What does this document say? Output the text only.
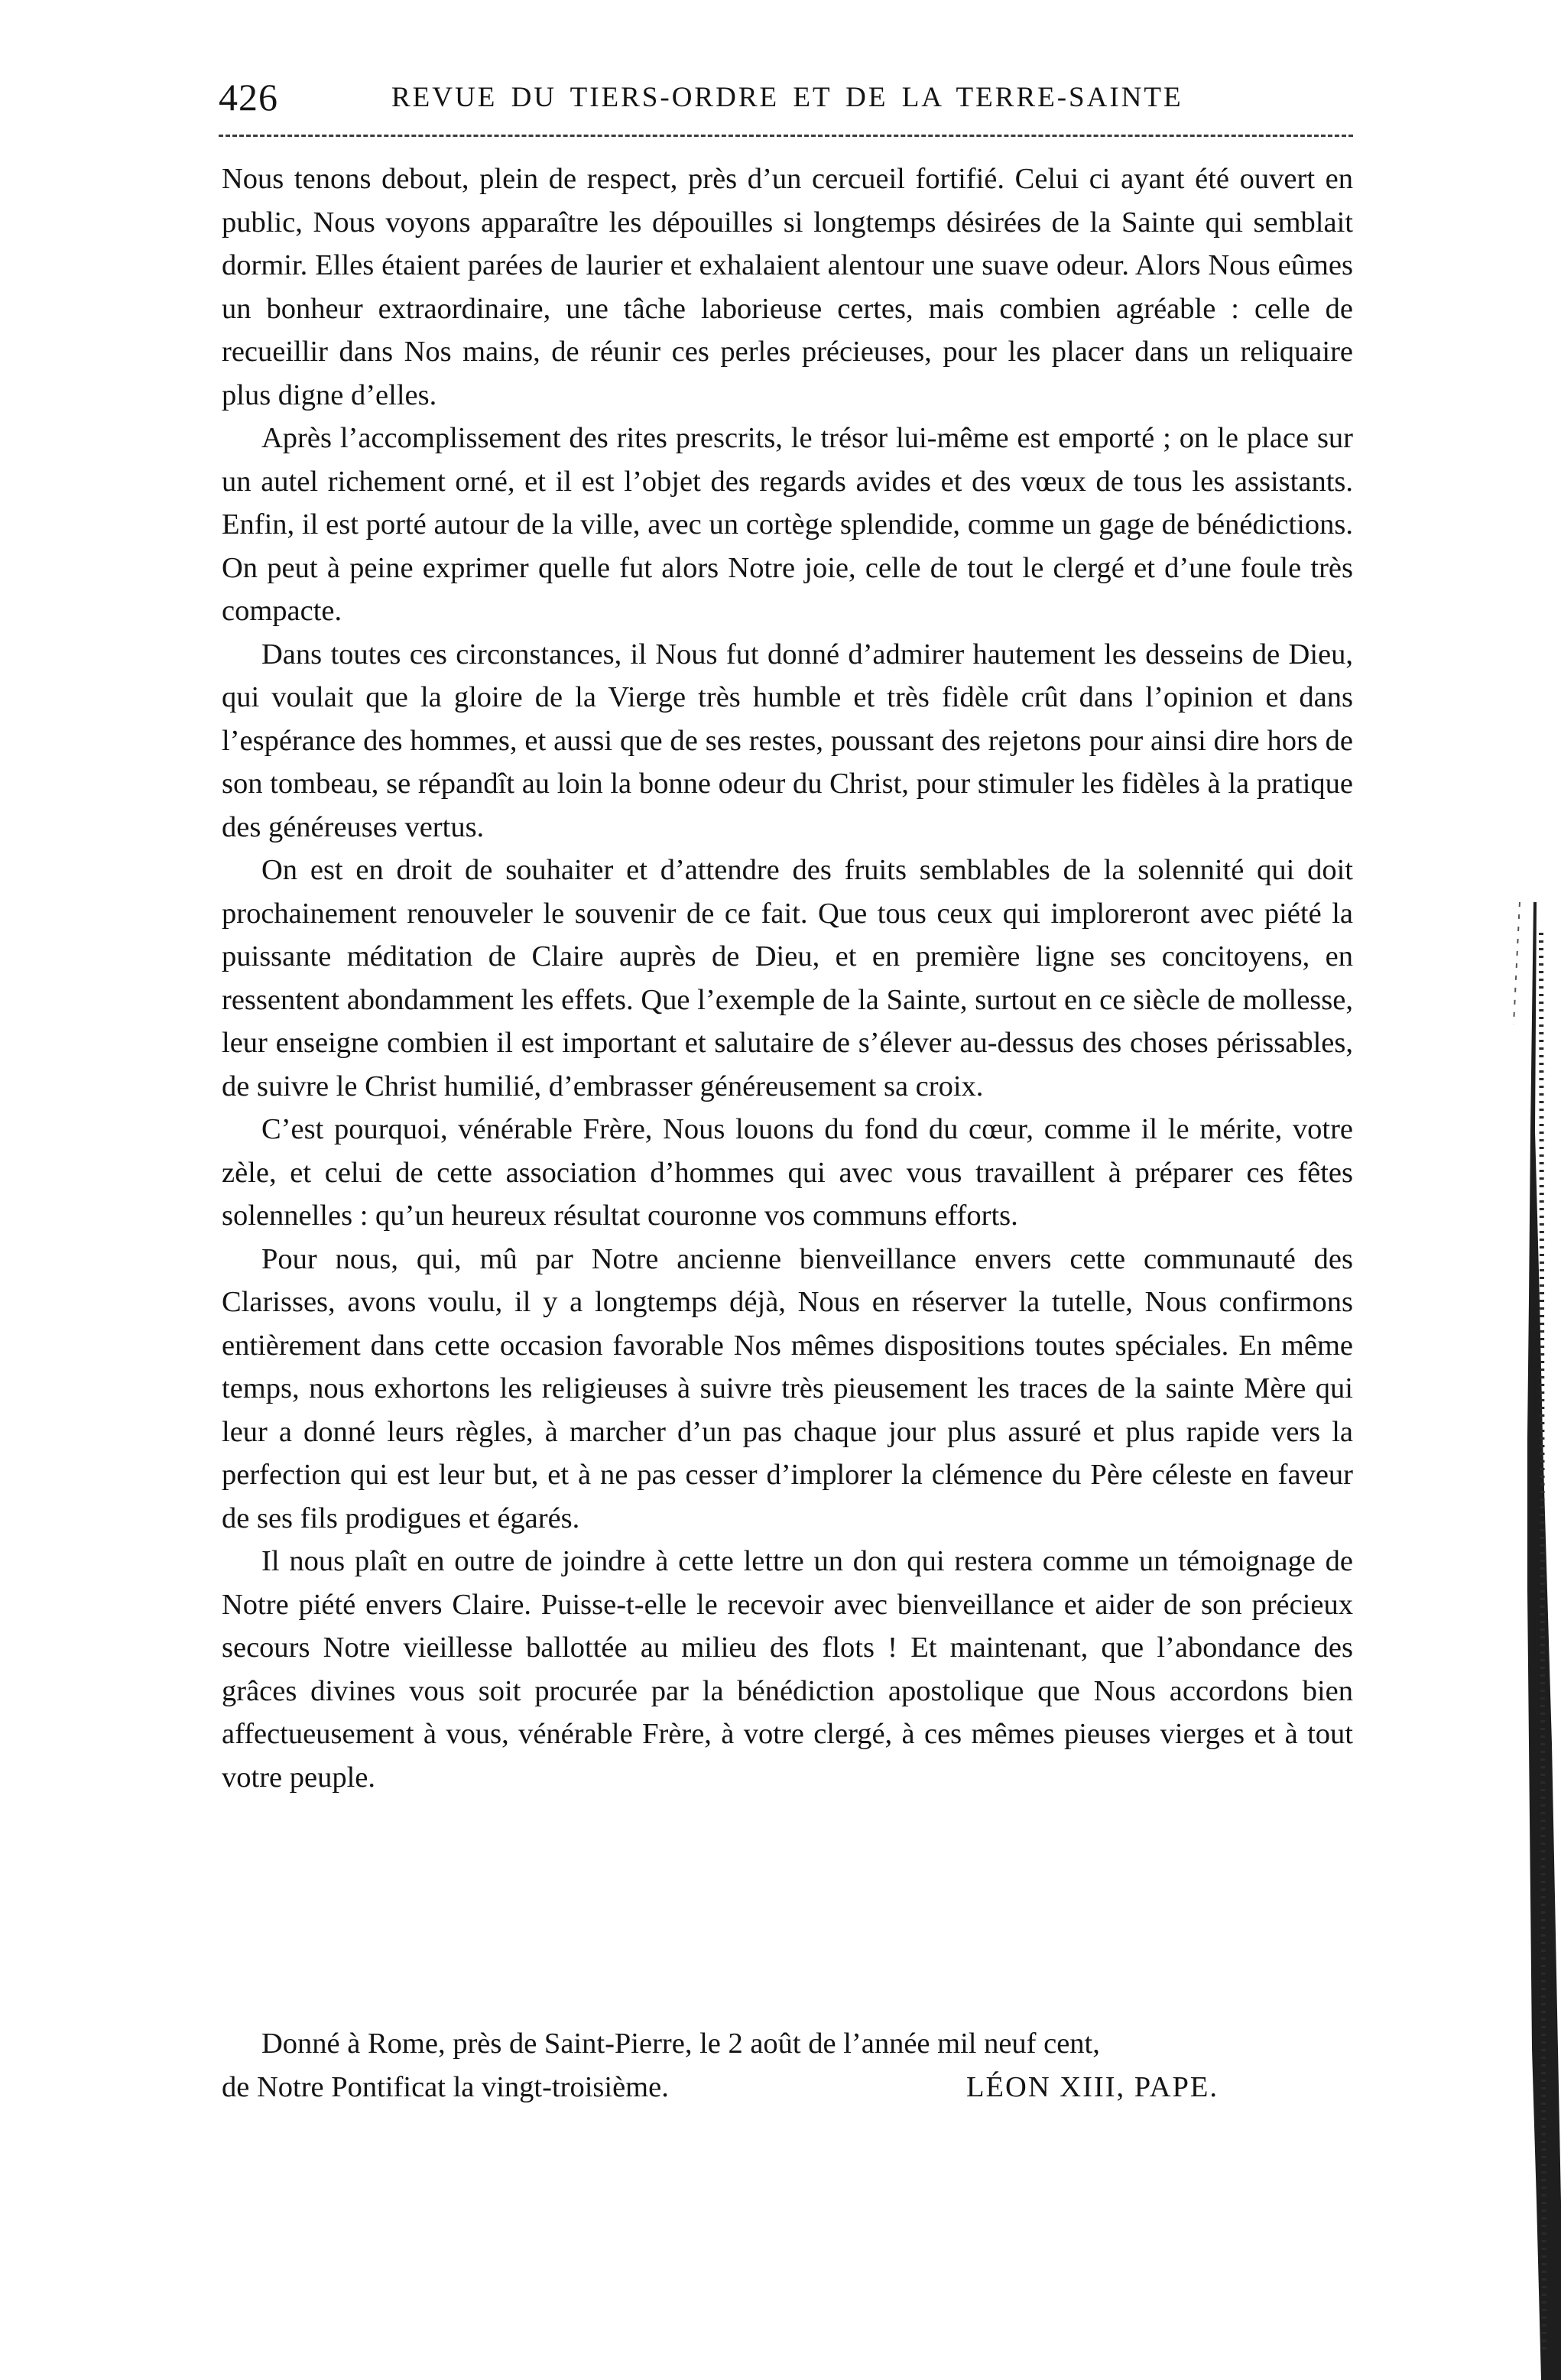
426	REVUE DU TIERS-ORDRE ET DE LA TERRE-SAINTE

Nous tenons debout, plein de respect, près d’un cercueil fortifié. Celui ci ayant été ouvert en public, Nous voyons apparaître les dépouilles si longtemps désirées de la Sainte qui semblait dormir. Elles étaient parées de laurier et exhalaient alentour une suave odeur. Alors Nous eûmes un bonheur extraordinaire, une tâche laborieuse certes, mais combien agréable : celle de recueillir dans Nos mains, de réunir ces perles précieuses, pour les placer dans un reliquaire plus digne d’elles.

Après l’accomplissement des rites prescrits, le trésor lui-même est emporté ; on le place sur un autel richement orné, et il est l’objet des regards avides et des vœux de tous les assistants. Enfin, il est porté autour de la ville, avec un cortège splendide, comme un gage de bénédictions. On peut à peine exprimer quelle fut alors Notre joie, celle de tout le clergé et d’une foule très compacte.

Dans toutes ces circonstances, il Nous fut donné d’admirer hautement les desseins de Dieu, qui voulait que la gloire de la Vierge très humble et très fidèle crût dans l’opinion et dans l’espérance des hommes, et aussi que de ses restes, poussant des rejetons pour ainsi dire hors de son tombeau, se répandît au loin la bonne odeur du Christ, pour stimuler les fidèles à la pratique des généreuses vertus.

On est en droit de souhaiter et d’attendre des fruits semblables de la solennité qui doit prochainement renouveler le souvenir de ce fait. Que tous ceux qui imploreront avec piété la puissante méditation de Claire auprès de Dieu, et en première ligne ses concitoyens, en ressentent abondamment les effets. Que l’exemple de la Sainte, surtout en ce siècle de mollesse, leur enseigne combien il est important et salutaire de s’élever au-dessus des choses périssables, de suivre le Christ humilié, d’embrasser généreusement sa croix.

C’est pourquoi, vénérable Frère, Nous louons du fond du cœur, comme il le mérite, votre zèle, et celui de cette association d’hommes qui avec vous travaillent à préparer ces fêtes solennelles : qu’un heureux résultat couronne vos communs efforts.

Pour nous, qui, mû par Notre ancienne bienveillance envers cette communauté des Clarisses, avons voulu, il y a longtemps déjà, Nous en réserver la tutelle, Nous confirmons entièrement dans cette occasion favorable Nos mêmes dispositions toutes spéciales. En même temps, nous exhortons les religieuses à suivre très pieusement les traces de la sainte Mère qui leur a donné leurs règles, à marcher d’un pas chaque jour plus assuré et plus rapide vers la perfection qui est leur but, et à ne pas cesser d’implorer la clémence du Père céleste en faveur de ses fils prodigues et égarés.

Il nous plaît en outre de joindre à cette lettre un don qui restera comme un témoignage de Notre piété envers Claire. Puisse-t-elle le recevoir avec bienveillance et aider de son précieux secours Notre vieillesse ballottée au milieu des flots ! Et maintenant, que l’abondance des grâces divines vous soit procurée par la bénédiction apostolique que Nous accordons bien affectueusement à vous, vénérable Frère, à votre clergé, à ces mêmes pieuses vierges et à tout votre peuple.

Donné à Rome, près de Saint-Pierre, le 2 août de l’année mil neuf cent,
de Notre Pontificat la vingt-troisième.	LÉON XIII, PAPE.
